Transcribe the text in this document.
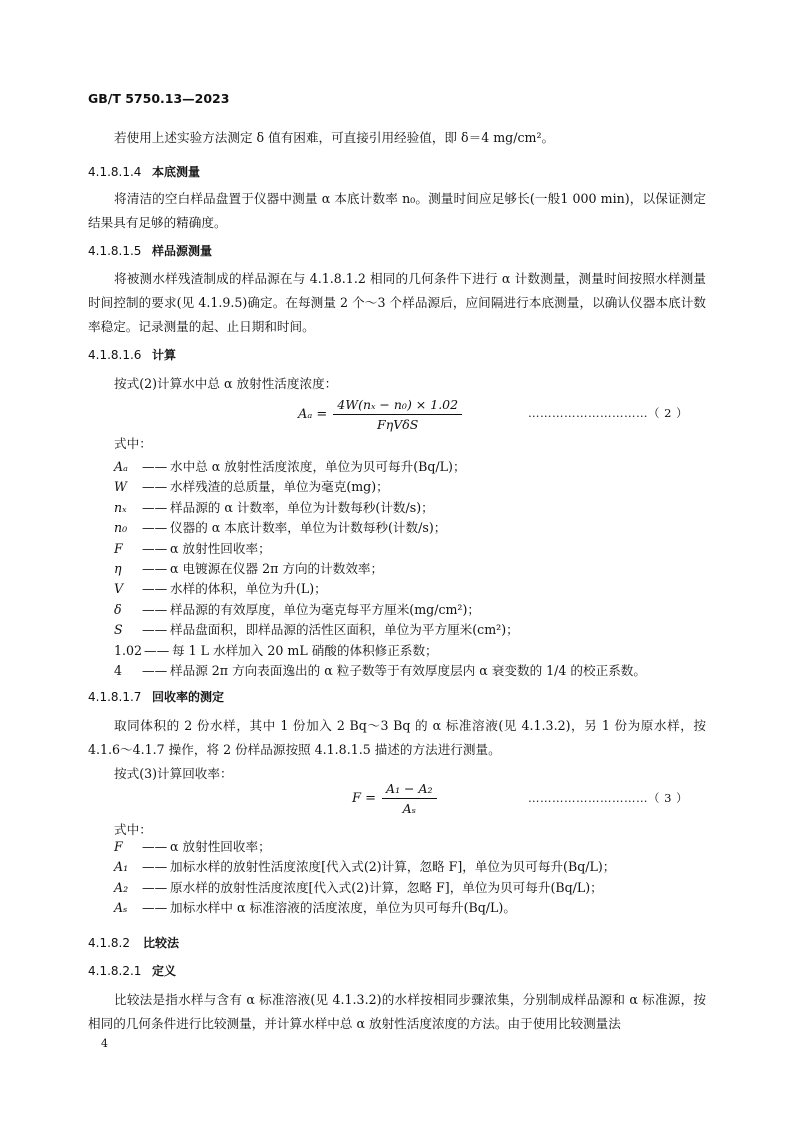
GB/T 5750.13—2023
若使用上述实验方法测定 δ 值有困难，可直接引用经验值，即 δ＝4 mg/cm²。
4.1.8.1.4 本底测量
将清洁的空白样品盘置于仪器中测量 α 本底计数率 n₀。测量时间应足够长(一般1 000 min)，以保证测定结果具有足够的精确度。
4.1.8.1.5 样品源测量
将被测水样残渣制成的样品源在与 4.1.8.1.2 相同的几何条件下进行 α 计数测量，测量时间按照水样测量时间控制的要求(见 4.1.9.5)确定。在每测量 2 个～3 个样品源后，应间隔进行本底测量，以确认仪器本底计数率稳定。记录测量的起、止日期和时间。
4.1.8.1.6 计算
按式(2)计算水中总 α 放射性活度浓度：
$A_a = \frac{\text{4W(nₓ − n₀) × 1.02}}{\text{FηVδS}}$	…………………………（ 2 ）
式中：
Aₐ	—— 水中总 α 放射性活度浓度，单位为贝可每升(Bq/L)；
W	—— 水样残渣的总质量，单位为毫克(mg)；
nₓ	—— 样品源的 α 计数率，单位为计数每秒(计数/s)；
n₀	—— 仪器的 α 本底计数率，单位为计数每秒(计数/s)；
F	—— α 放射性回收率；
η	—— α 电镀源在仪器 2π 方向的计数效率；
V	—— 水样的体积，单位为升(L)；
δ	—— 样品源的有效厚度，单位为毫克每平方厘米(mg/cm²)；
S	—— 样品盘面积，即样品源的活性区面积，单位为平方厘米(cm²)；
1.02 —— 每 1 L 水样加入 20 mL 硝酸的体积修正系数；
4	—— 样品源 2π 方向表面逸出的 α 粒子数等于有效厚度层内 α 衰变数的 1/4 的校正系数。
4.1.8.1.7 回收率的测定
取同体积的 2 份水样，其中 1 份加入 2 Bq～3 Bq 的 α 标准溶液(见 4.1.3.2)，另 1 份为原水样，按 4.1.6～4.1.7 操作，将 2 份样品源按照 4.1.8.1.5 描述的方法进行测量。
按式(3)计算回收率：
$F = \frac{\text{A₁ − A₂}}{\text{Aₛ}}$	…………………………（ 3 ）
式中：
F	—— α 放射性回收率；
A₁	—— 加标水样的放射性活度浓度[代入式(2)计算，忽略 F]，单位为贝可每升(Bq/L)；
A₂	—— 原水样的放射性活度浓度[代入式(2)计算，忽略 F]，单位为贝可每升(Bq/L)；
Aₛ	—— 加标水样中 α 标准溶液的活度浓度，单位为贝可每升(Bq/L)。
4.1.8.2 比较法
4.1.8.2.1 定义
比较法是指水样与含有 α 标准溶液(见 4.1.3.2)的水样按相同步骤浓集，分别制成样品源和 α 标准源，按相同的几何条件进行比较测量，并计算水样中总 α 放射性活度浓度的方法。由于使用比较测量法
4
